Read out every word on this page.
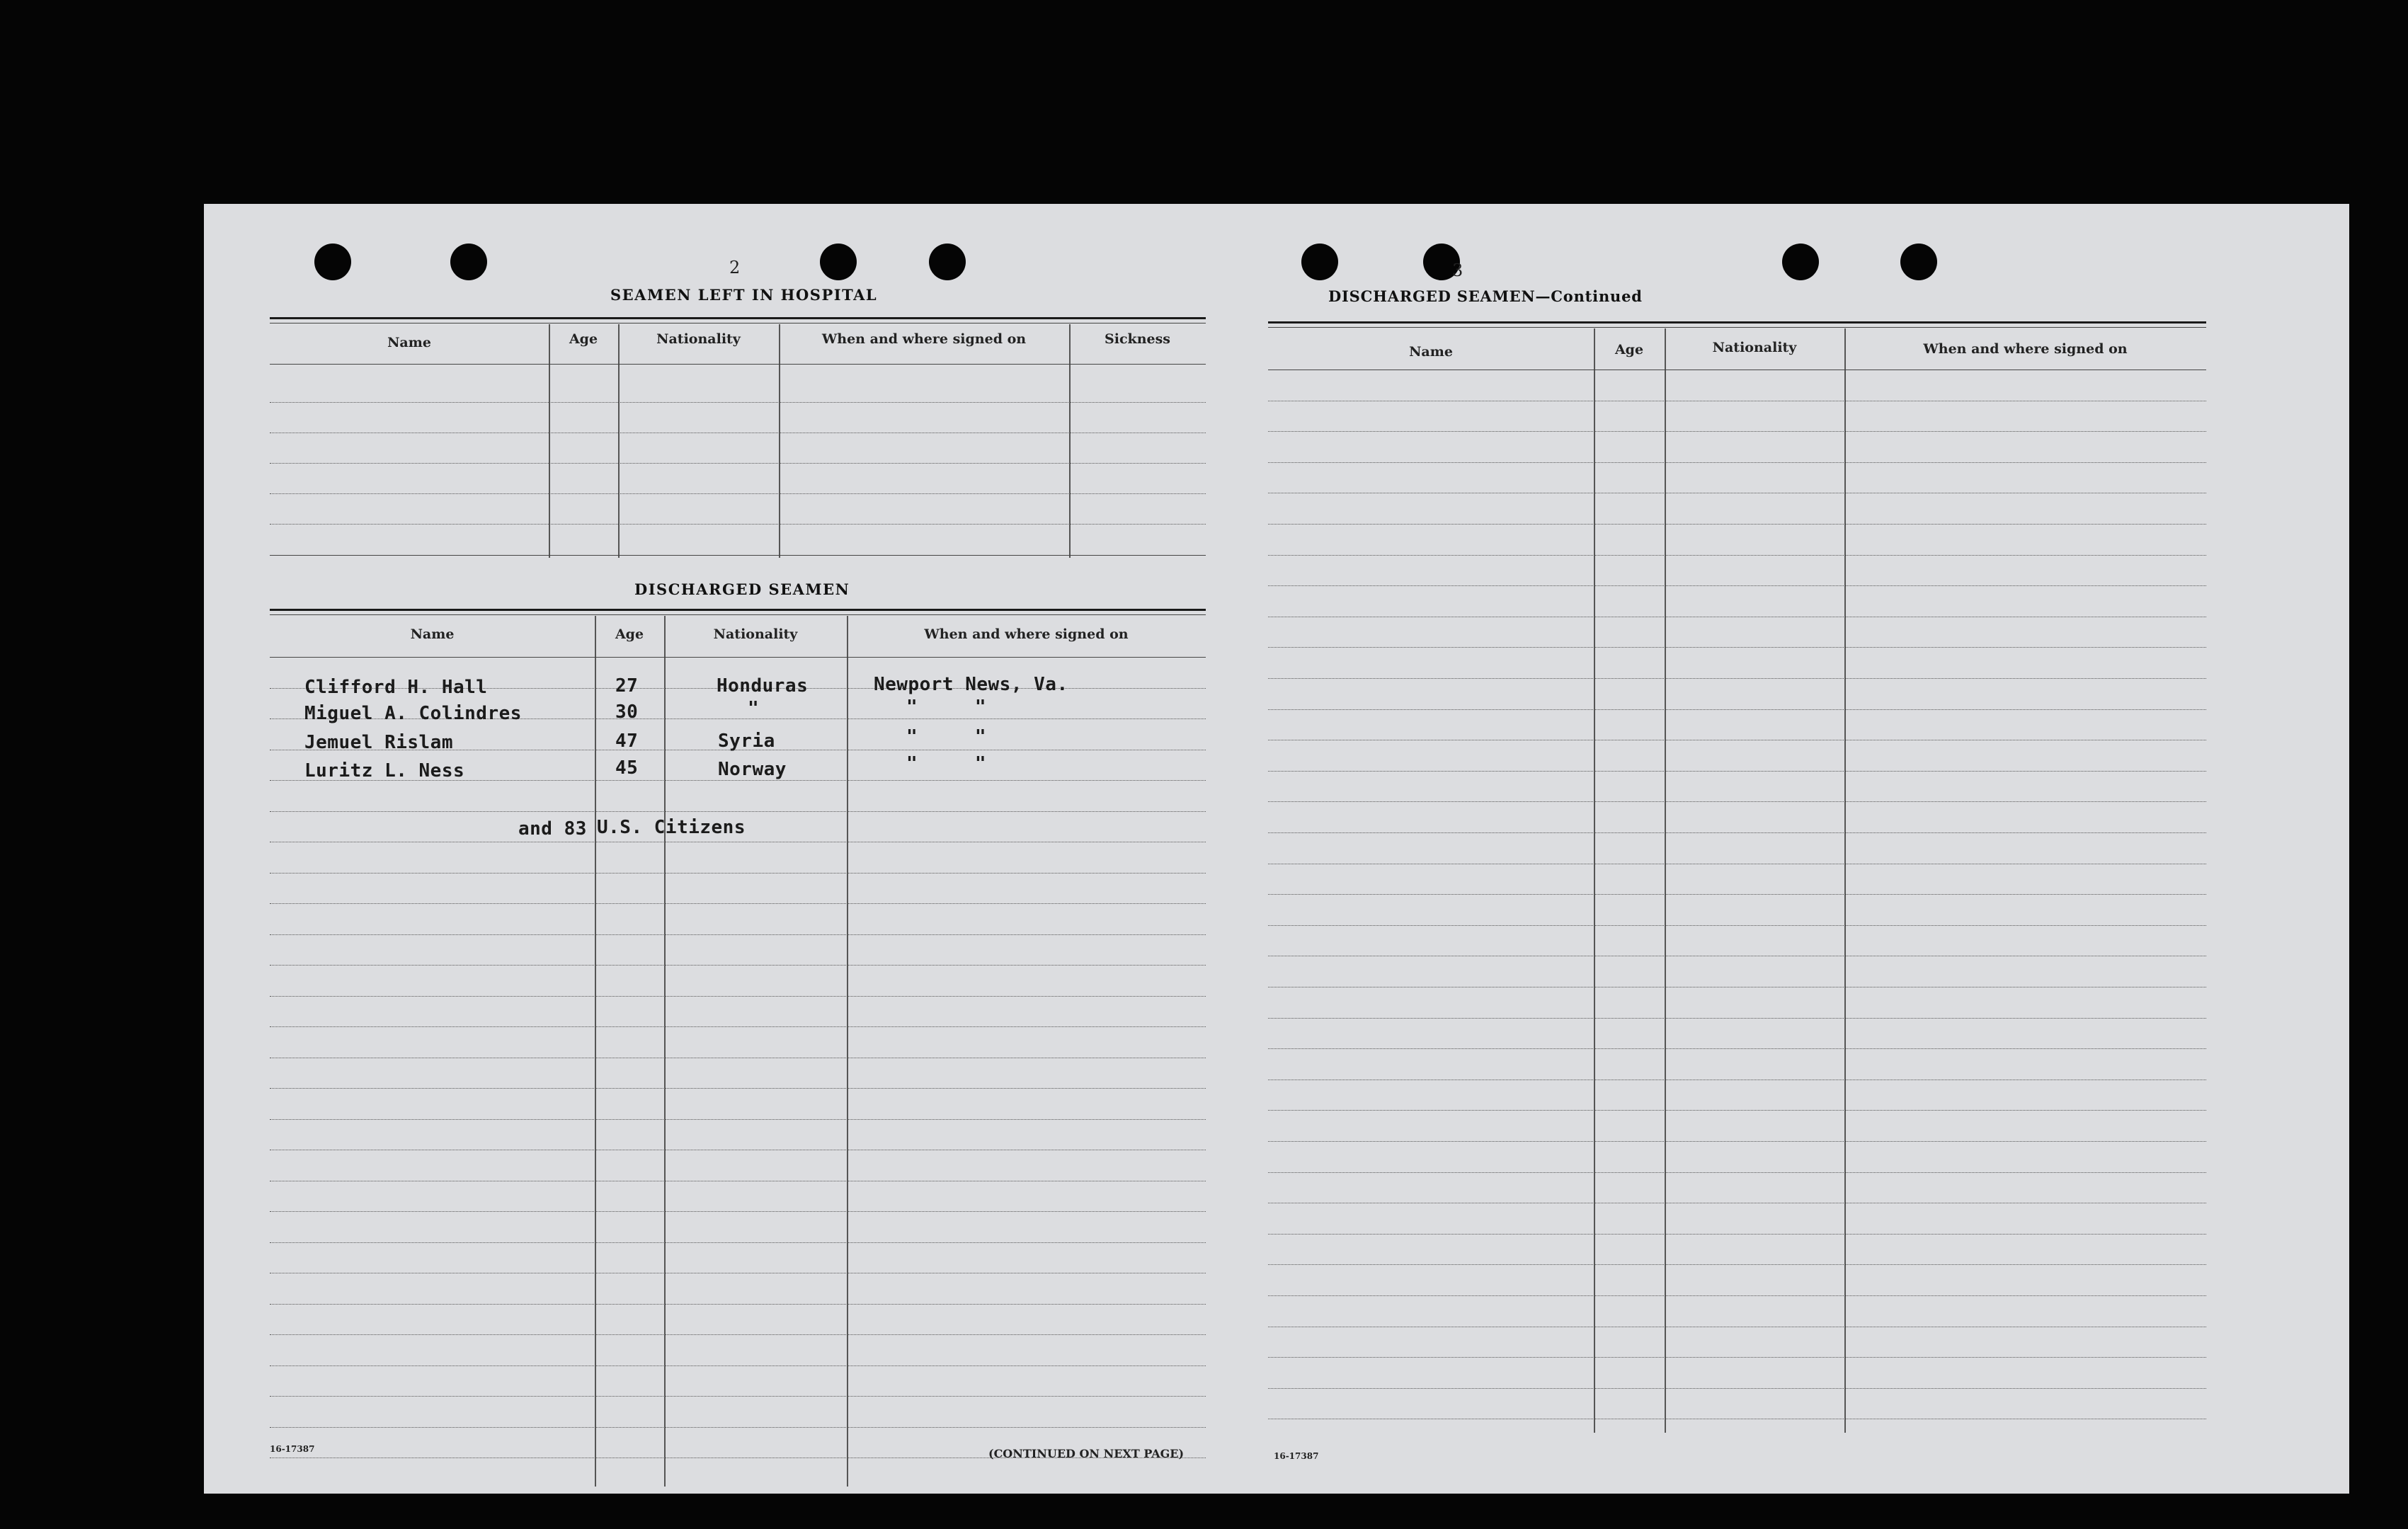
2
SEAMEN LEFT IN HOSPITAL
Name	Age	Nationality	When and where signed on	Sickness
DISCHARGED SEAMEN
Name	Age	Nationality	When and where signed on
Clifford H. Hall	27	Honduras	Newport News, Va.
Miguel A. Colindres	30	"	"     "
Jemuel Rislam	47	Syria	"     "
Luritz L. Ness	45	Norway	"     "
and 83 U.S. Citizens
16-17387	(CONTINUED ON NEXT PAGE)
3
DISCHARGED SEAMEN—Continued
Name	Age	Nationality	When and where signed on
16-17387
